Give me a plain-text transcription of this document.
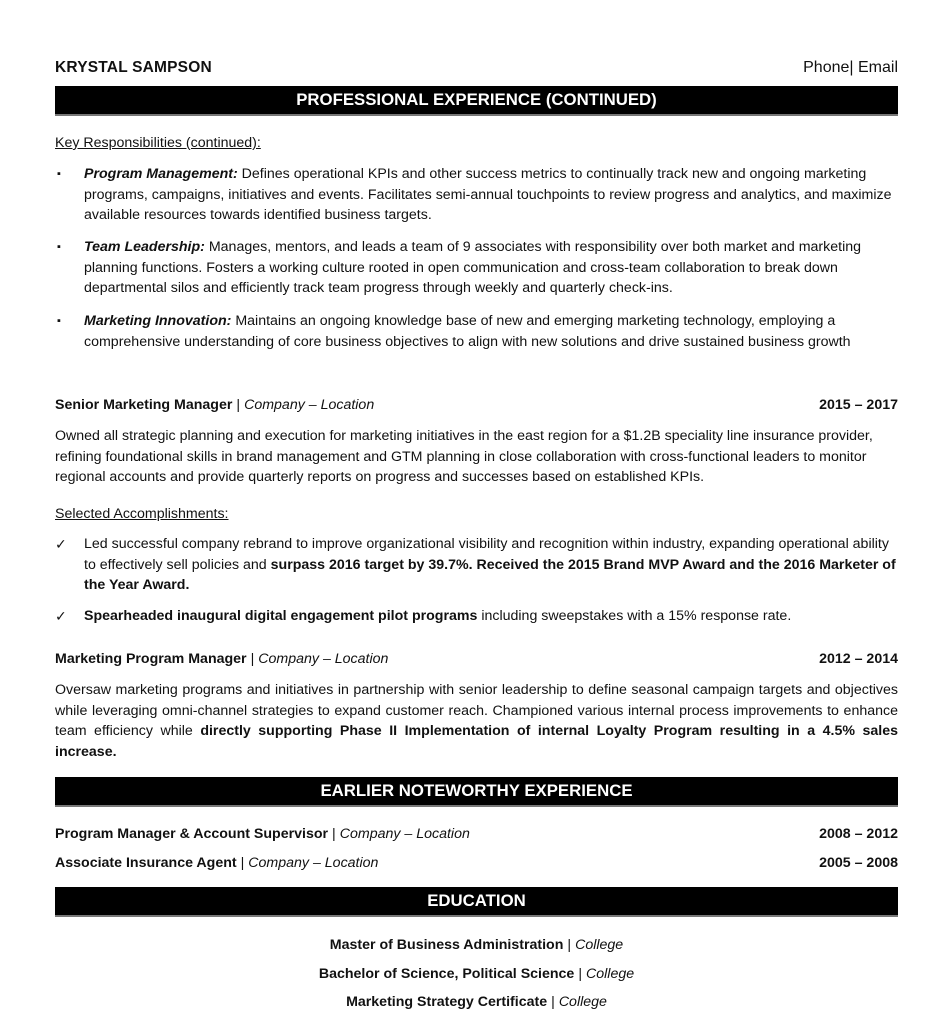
KRYSTAL SAMPSON	Phone| Email
PROFESSIONAL EXPERIENCE (CONTINUED)
Key Responsibilities (continued):
▪ Program Management: Defines operational KPIs and other success metrics to continually track new and ongoing marketing programs, campaigns, initiatives and events. Facilitates semi-annual touchpoints to review progress and analytics, and maximize available resources towards identified business targets.
▪ Team Leadership: Manages, mentors, and leads a team of 9 associates with responsibility over both market and marketing planning functions. Fosters a working culture rooted in open communication and cross-team collaboration to break down departmental silos and efficiently track team progress through weekly and quarterly check-ins.
▪ Marketing Innovation: Maintains an ongoing knowledge base of new and emerging marketing technology, employing a comprehensive understanding of core business objectives to align with new solutions and drive sustained business growth
Senior Marketing Manager | Company – Location	2015 – 2017
Owned all strategic planning and execution for marketing initiatives in the east region for a $1.2B speciality line insurance provider, refining foundational skills in brand management and GTM planning in close collaboration with cross-functional leaders to monitor regional accounts and provide quarterly reports on progress and successes based on established KPIs.
Selected Accomplishments:
✓ Led successful company rebrand to improve organizational visibility and recognition within industry, expanding operational ability to effectively sell policies and surpass 2016 target by 39.7%. Received the 2015 Brand MVP Award and the 2016 Marketer of the Year Award.
✓ Spearheaded inaugural digital engagement pilot programs including sweepstakes with a 15% response rate.
Marketing Program Manager | Company – Location	2012 – 2014
Oversaw marketing programs and initiatives in partnership with senior leadership to define seasonal campaign targets and objectives while leveraging omni-channel strategies to expand customer reach. Championed various internal process improvements to enhance team efficiency while directly supporting Phase II Implementation of internal Loyalty Program resulting in a 4.5% sales increase.
EARLIER NOTEWORTHY EXPERIENCE
Program Manager & Account Supervisor | Company – Location	2008 – 2012
Associate Insurance Agent | Company – Location	2005 – 2008
EDUCATION
Master of Business Administration | College
Bachelor of Science, Political Science | College
Marketing Strategy Certificate | College
